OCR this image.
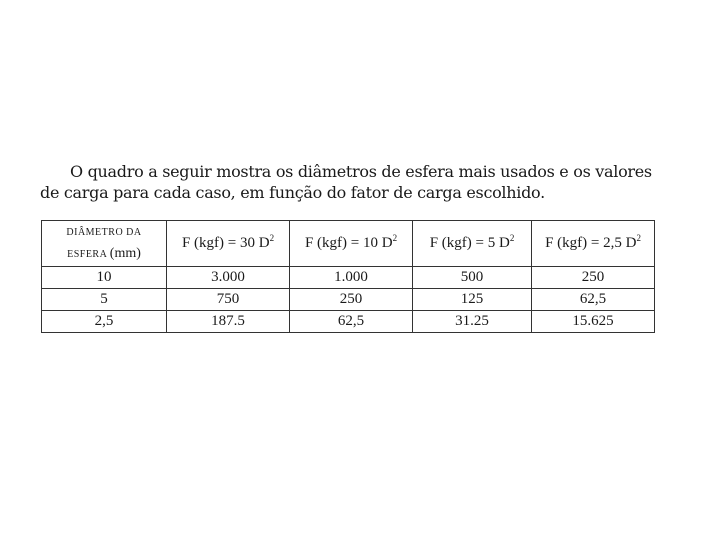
O quadro a seguir mostra os diâmetros de esfera mais usados e os valores de carga para cada caso, em função do fator de carga escolhido.

DIÂMETRO DA
ESFERA (mm)	F (kgf) = 30 $D^2$	F (kgf) = 10 $D^2$	F (kgf) = 5 $D^2$	F (kgf) = 2,5 $D^2$
10	3.000	1.000	500	250
5	750	250	125	62,5
2,5	187.5	62,5	31.25	15.625
